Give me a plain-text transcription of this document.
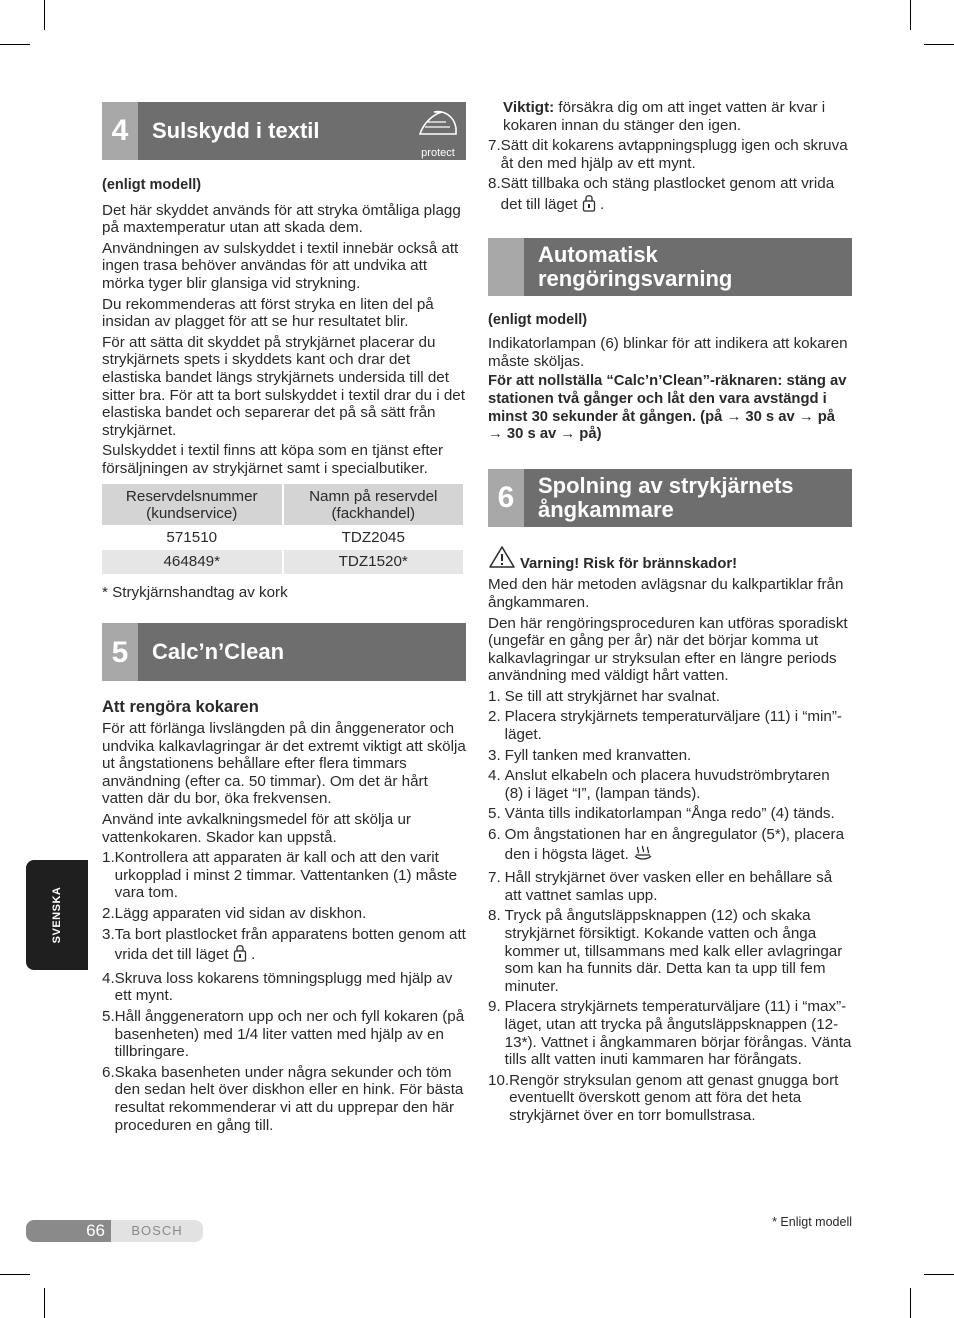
SVENSKA
4	Sulskydd i textil
protect

(enligt modell)

Det här skyddet används för att stryka ömtåliga plagg på maxtemperatur utan att skada dem.

Användningen av sulskyddet i textil innebär också att ingen trasa behöver användas för att undvika att mörka tyger blir glansiga vid strykning.

Du rekommenderas att först stryka en liten del på insidan av plagget för att se hur resultatet blir.

För att sätta dit skyddet på strykjärnet placerar du strykjärnets spets i skyddets kant och drar det elastiska bandet längs strykjärnets undersida till det sitter bra. För att ta bort sulskyddet i textil drar du i det elastiska bandet och separerar det på så sätt från strykjärnet.

Sulskyddet i textil finns att köpa som en tjänst efter försäljningen av strykjärnet samt i specialbutiker.

Reservdelsnummer (kundservice)	Namn på reservdel (fackhandel)
571510	TDZ2045
464849*	TDZ1520*

* Strykjärnshandtag av kork

5	Calc’n’Clean

Att rengöra kokaren

För att förlänga livslängden på din ånggenerator och undvika kalkavlagringar är det extremt viktigt att skölja ut ångstationens behållare efter flera timmars användning (efter ca. 50 timmar). Om det är hårt vatten där du bor, öka frekvensen.

Använd inte avkalkningsmedel för att skölja ur vattenkokaren. Skador kan uppstå.

1. Kontrollera att apparaten är kall och att den varit urkopplad i minst 2 timmar. Vattentanken (1) måste vara tom.
2. Lägg apparaten vid sidan av diskhon.
3. Ta bort plastlocket från apparatens botten genom att vrida det till läget  .
4. Skruva loss kokarens tömningsplugg med hjälp av ett mynt.
5. Håll ånggeneratorn upp och ner och fyll kokaren (på basenheten) med 1/4 liter vatten med hjälp av en tillbringare.
6. Skaka basenheten under några sekunder och töm den sedan helt över diskhon eller en hink. För bästa resultat rekommenderar vi att du upprepar den här proceduren en gång till.

Viktigt: försäkra dig om att inget vatten är kvar i kokaren innan du stänger den igen.

7. Sätt dit kokarens avtappningsplugg igen och skruva åt den med hjälp av ett mynt.
8. Sätt tillbaka och stäng plastlocket genom att vrida det till läget  .
Automatisk rengöringsvarning

(enligt modell)

Indikatorlampan (6) blinkar för att indikera att kokaren måste sköljas.

För att nollställa “Calc’n’Clean”-räknaren: stäng av stationen två gånger och låt den vara avstängd i minst 30 sekunder åt gången. (på → 30 s av → på → 30 s av → på)

6	Spolning av strykjärnets ångkammare

Varning! Risk för brännskador!

Med den här metoden avlägsnar du kalkpartiklar från ångkammaren.

Den här rengöringsproceduren kan utföras sporadiskt (ungefär en gång per år) när det börjar komma ut kalkavlagringar ur stryksulan efter en längre periods användning med väldigt hårt vatten.

1. Se till att strykjärnet har svalnat.
2. Placera strykjärnets temperaturväljare (11) i “min”-läget.
3. Fyll tanken med kranvatten.
4. Anslut elkabeln och placera huvudströmbrytaren (8) i läget “I”, (lampan tänds).
5. Vänta tills indikatorlampan “Ånga redo” (4) tänds.
6. Om ångstationen har en ångregulator (5*), placera den i högsta läget.
7. Håll strykjärnet över vasken eller en behållare så att vattnet samlas upp.
8. Tryck på ångutsläppsknappen (12) och skaka strykjärnet försiktigt. Kokande vatten och ånga kommer ut, tillsammans med kalk eller avlagringar som kan ha funnits där. Detta kan ta upp till fem minuter.
9. Placera strykjärnets temperaturväljare (11) i “max”-läget, utan att trycka på ångutsläppsknappen (12-13*). Vattnet i ångkammaren börjar förångas. Vänta tills allt vatten inuti kammaren har förångats.
10. Rengör stryksulan genom att genast gnugga bort eventuellt överskott genom att föra det heta strykjärnet över en torr bomullstrasa.
66	BOSCH
* Enligt modell
